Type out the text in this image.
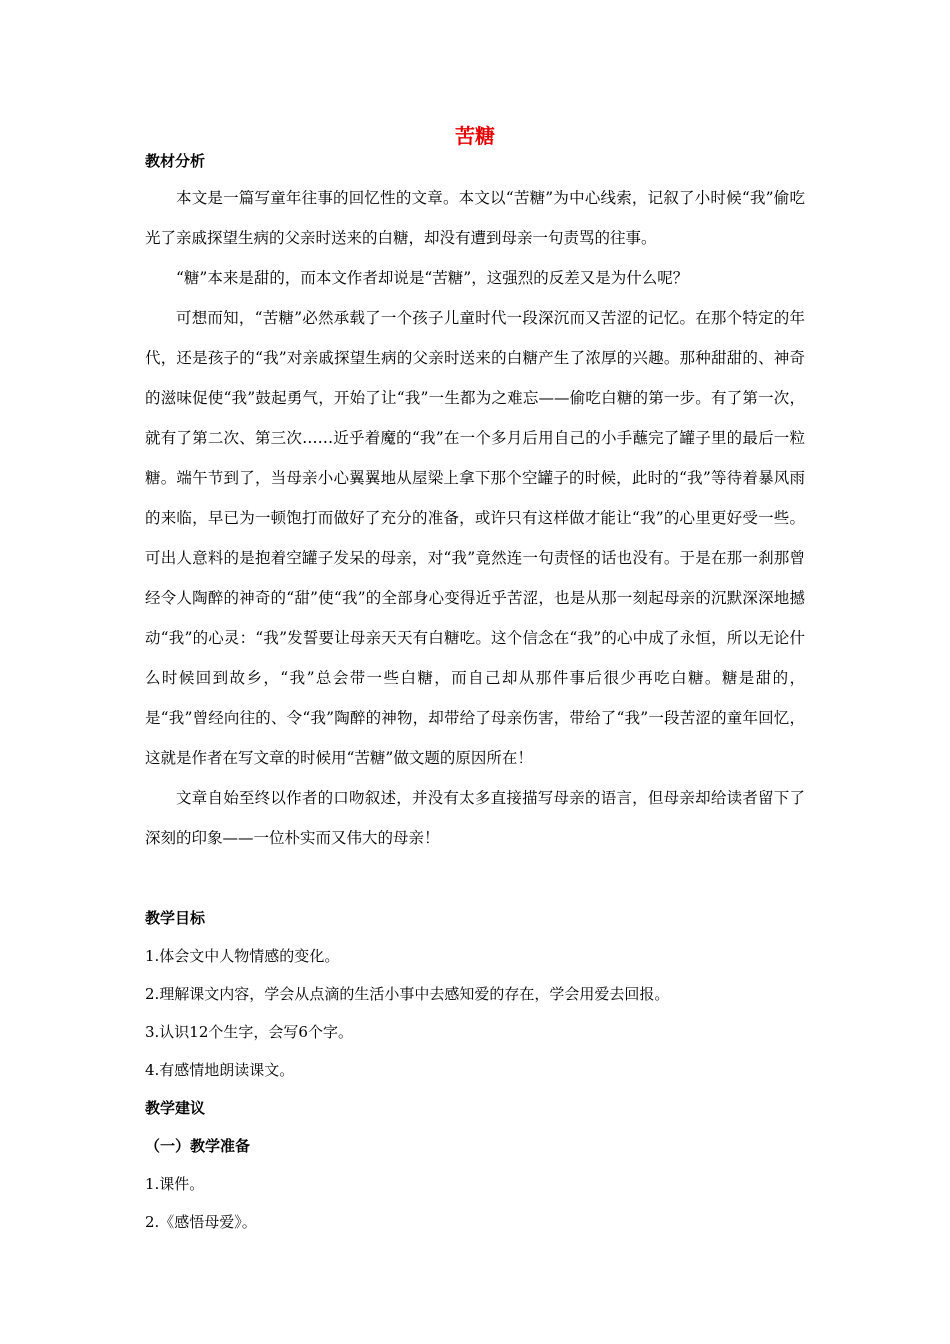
苦糖
教材分析

本文是一篇写童年往事的回忆性的文章。本文以“苦糖”为中心线索，记叙了小时候“我”偷吃光了亲戚探望生病的父亲时送来的白糖，却没有遭到母亲一句责骂的往事。

“糖”本来是甜的，而本文作者却说是“苦糖”，这强烈的反差又是为什么呢？

可想而知，“苦糖”必然承载了一个孩子儿童时代一段深沉而又苦涩的记忆。在那个特定的年代，还是孩子的“我”对亲戚探望生病的父亲时送来的白糖产生了浓厚的兴趣。那种甜甜的、神奇的滋味促使“我”鼓起勇气，开始了让“我”一生都为之难忘——偷吃白糖的第一步。有了第一次，就有了第二次、第三次……近乎着魔的“我”在一个多月后用自己的小手蘸完了罐子里的最后一粒糖。端午节到了，当母亲小心翼翼地从屋梁上拿下那个空罐子的时候，此时的“我”等待着暴风雨的来临，早已为一顿饱打而做好了充分的准备，或许只有这样做才能让“我”的心里更好受一些。可出人意料的是抱着空罐子发呆的母亲，对“我”竟然连一句责怪的话也没有。于是在那一刹那曾经令人陶醉的神奇的“甜”使“我”的全部身心变得近乎苦涩，也是从那一刻起母亲的沉默深深地撼动“我”的心灵：“我”发誓要让母亲天天有白糖吃。这个信念在“我”的心中成了永恒，所以无论什么时候回到故乡，“我”总会带一些白糖，而自己却从那件事后很少再吃白糖。糖是甜的，是“我”曾经向往的、令“我”陶醉的神物，却带给了母亲伤害，带给了“我”一段苦涩的童年回忆，这就是作者在写文章的时候用“苦糖”做文题的原因所在！

文章自始至终以作者的口吻叙述，并没有太多直接描写母亲的语言，但母亲却给读者留下了深刻的印象——一位朴实而又伟大的母亲！

教学目标
1.体会文中人物情感的变化。
2.理解课文内容，学会从点滴的生活小事中去感知爱的存在，学会用爱去回报。
3.认识12个生字，会写6个字。
4.有感情地朗读课文。
教学建议
（一）教学准备
1.课件。
2.《感悟母爱》。
